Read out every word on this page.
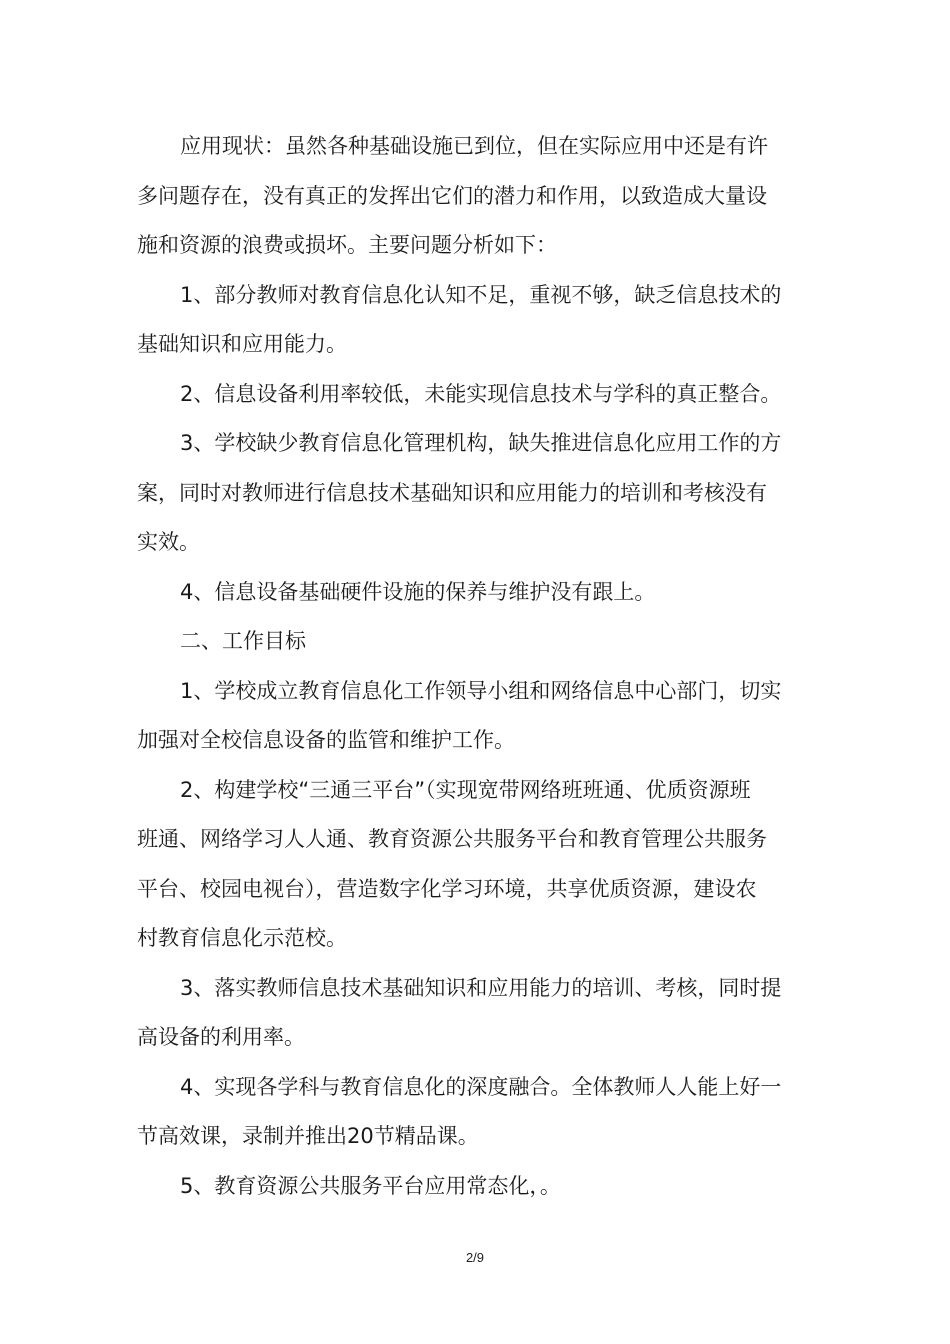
应用现状：虽然各种基础设施已到位，但在实际应用中还是有许
多问题存在，没有真正的发挥出它们的潜力和作用，以致造成大量设
施和资源的浪费或损坏。主要问题分析如下：
1、部分教师对教育信息化认知不足，重视不够，缺乏信息技术的
基础知识和应用能力。
2、信息设备利用率较低，未能实现信息技术与学科的真正整合。
3、学校缺少教育信息化管理机构，缺失推进信息化应用工作的方
案，同时对教师进行信息技术基础知识和应用能力的培训和考核没有
实效。
4、信息设备基础硬件设施的保养与维护没有跟上。
二、工作目标
1、学校成立教育信息化工作领导小组和网络信息中心部门，切实
加强对全校信息设备的监管和维护工作。
2、构建学校“三通三平台”（实现宽带网络班班通、优质资源班
班通、网络学习人人通、教育资源公共服务平台和教育管理公共服务
平台、校园电视台），营造数字化学习环境，共享优质资源，建设农
村教育信息化示范校。
3、落实教师信息技术基础知识和应用能力的培训、考核，同时提
高设备的利用率。
4、实现各学科与教育信息化的深度融合。全体教师人人能上好一
节高效课，录制并推出20节精品课。
5、教育资源公共服务平台应用常态化，。
2/9
